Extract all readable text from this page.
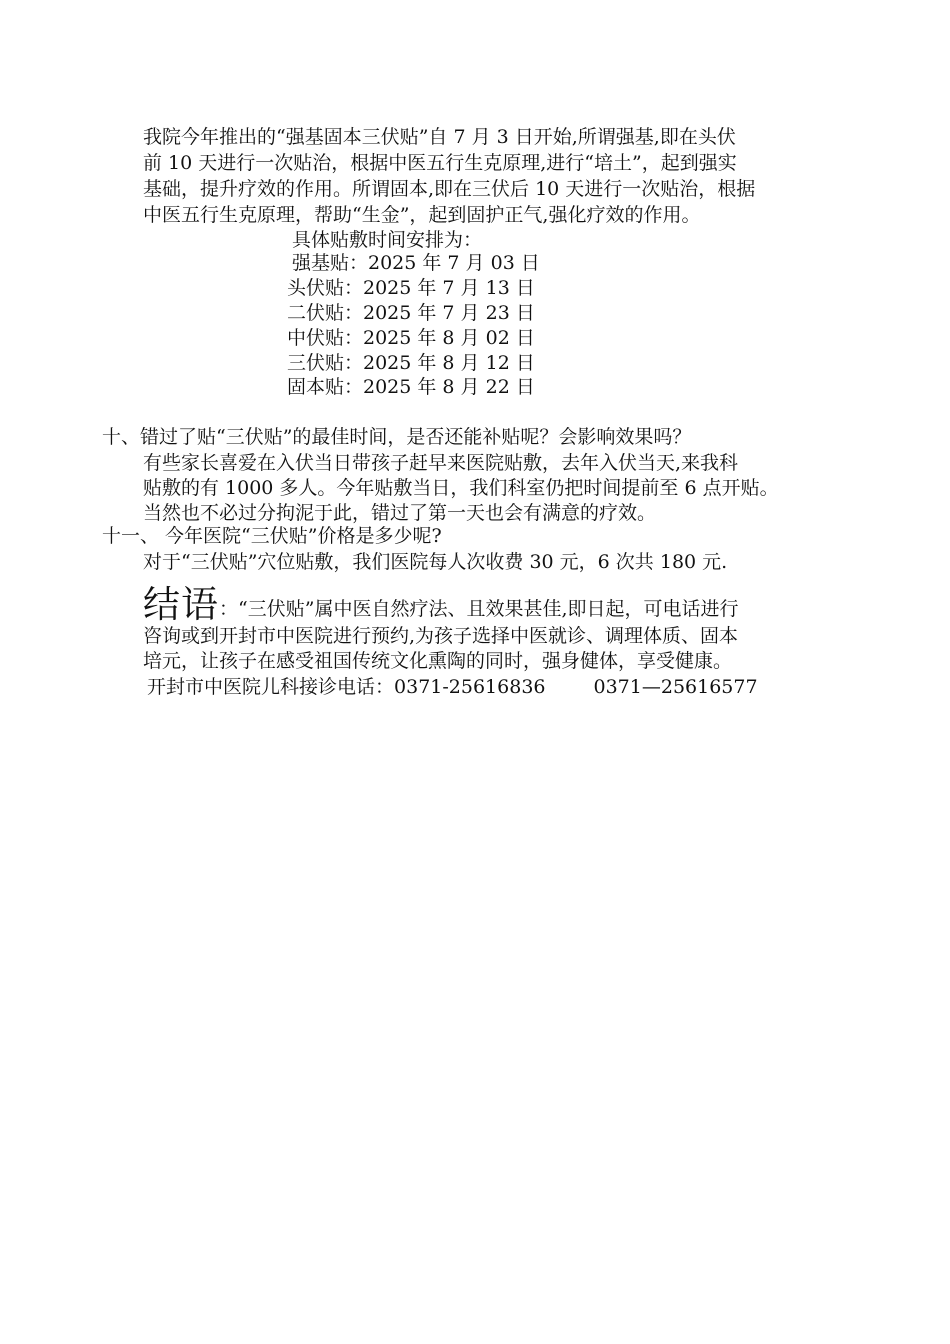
我院今年推出的“强基固本三伏贴”自 7 月 3 日开始,所谓强基,即在头伏
前 10 天进行一次贴治，根据中医五行生克原理,进行“培土”，起到强实
基础，提升疗效的作用。所谓固本,即在三伏后 10 天进行一次贴治，根据
中医五行生克原理，帮助“生金”，起到固护正气,强化疗效的作用。
具体贴敷时间安排为：
强基贴：2025 年 7 月 03 日
头伏贴：2025 年 7 月 13 日
二伏贴：2025 年 7 月 23 日
中伏贴：2025 年 8 月 02 日
三伏贴：2025 年 8 月 12 日
固本贴：2025 年 8 月 22 日
十、错过了贴“三伏贴”的最佳时间，是否还能补贴呢？会影响效果吗？
有些家长喜爱在入伏当日带孩子赶早来医院贴敷，去年入伏当天,来我科
贴敷的有 1000 多人。今年贴敷当日，我们科室仍把时间提前至 6 点开贴。
当然也不必过分拘泥于此，错过了第一天也会有满意的疗效。
十一、 今年医院“三伏贴”价格是多少呢?
对于“三伏贴”穴位贴敷，我们医院每人次收费 30 元，6 次共 180 元.
结语：“三伏贴”属中医自然疗法、且效果甚佳,即日起，可电话进行
咨询或到开封市中医院进行预约,为孩子选择中医就诊、调理体质、固本
培元，让孩子在感受祖国传统文化熏陶的同时，强身健体，享受健康。
开封市中医院儿科接诊电话：0371-25616836	0371—25616577
